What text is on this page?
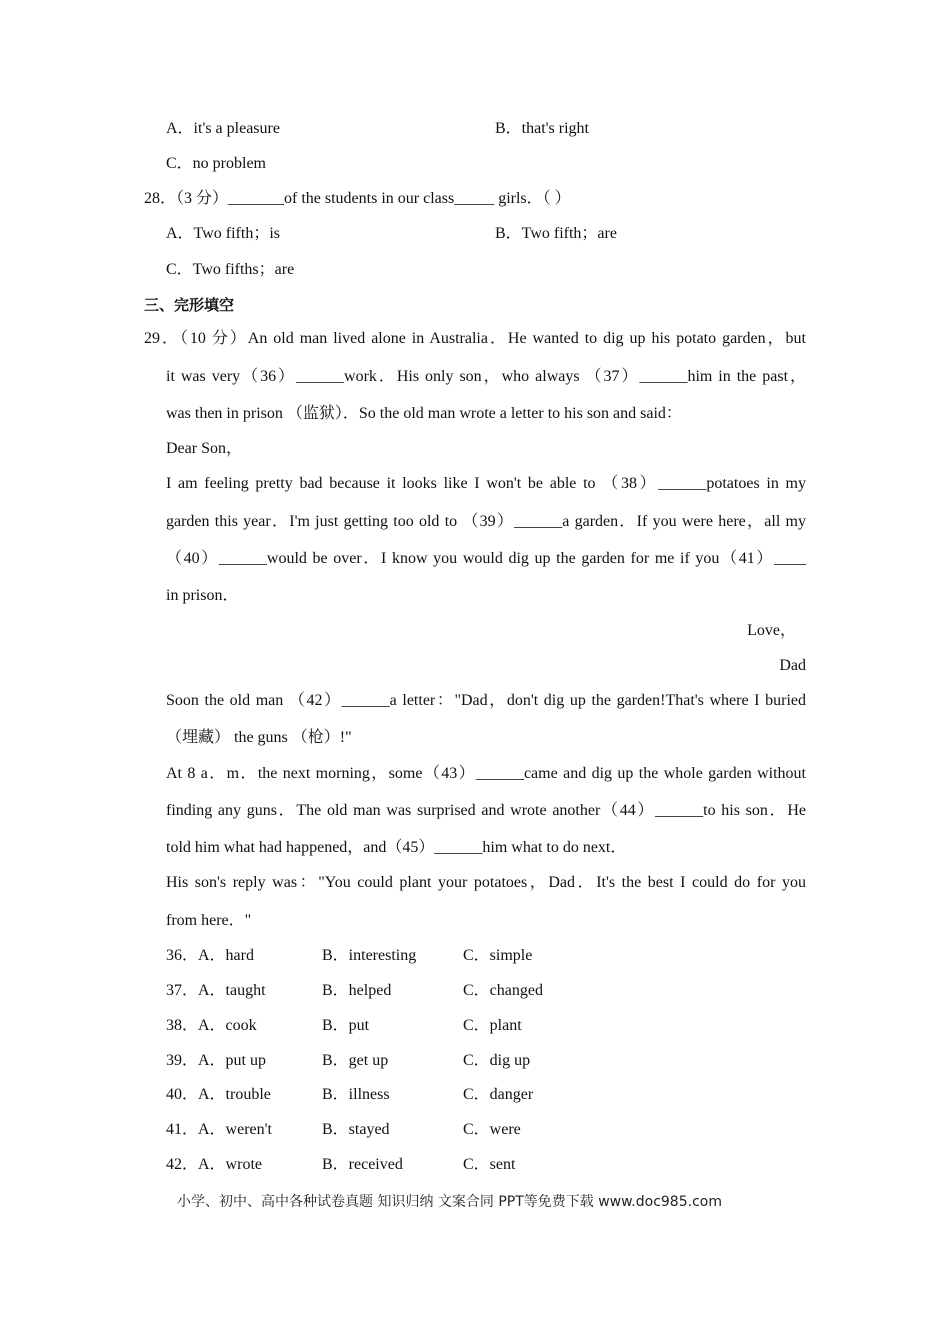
A．it's a pleasure	B．that's right
C．no problem
28．（3 分）_______of the students in our class_____ girls．（ ）
A．Two fifth；is	B．Two fifth；are
C．Two fifths；are
三、完形填空
29．（10 分）An old man lived alone in Australia．He wanted to dig up his potato garden，but
it was very（36）______work．His only son，who always （37）______him in the past，
was then in prison （监狱）．So the old man wrote a letter to his son and said：
Dear Son，
I am feeling pretty bad because it looks like I won't be able to （38）______potatoes in my
garden this year．I'm just getting too old to （39）______a garden．If you were here，all my
（40）______would be over．I know you would dig up the garden for me if you（41）____
in prison．
Love，
Dad
Soon the old man （42）______a letter："Dad，don't dig up the garden!That's where I buried
（埋藏） the guns （枪）!"
At 8 a．m．the next morning，some（43）______came and dig up the whole garden without
finding any guns．The old man was surprised and wrote another（44）______to his son．He
told him what had happened，and（45）______him what to do next．
His son's reply was："You could plant your potatoes，Dad．It's the best I could do for you
from here．"
36．A．hard	B．interesting	C．simple
37．A．taught	B．helped	C．changed
38．A．cook	B．put	C．plant
39．A．put up	B．get up	C．dig up
40．A．trouble	B．illness	C．danger
41．A．weren't	B．stayed	C．were
42．A．wrote	B．received	C．sent
小学、初中、高中各种试卷真题 知识归纳 文案合同 PPT等免费下载 www.doc985.com
